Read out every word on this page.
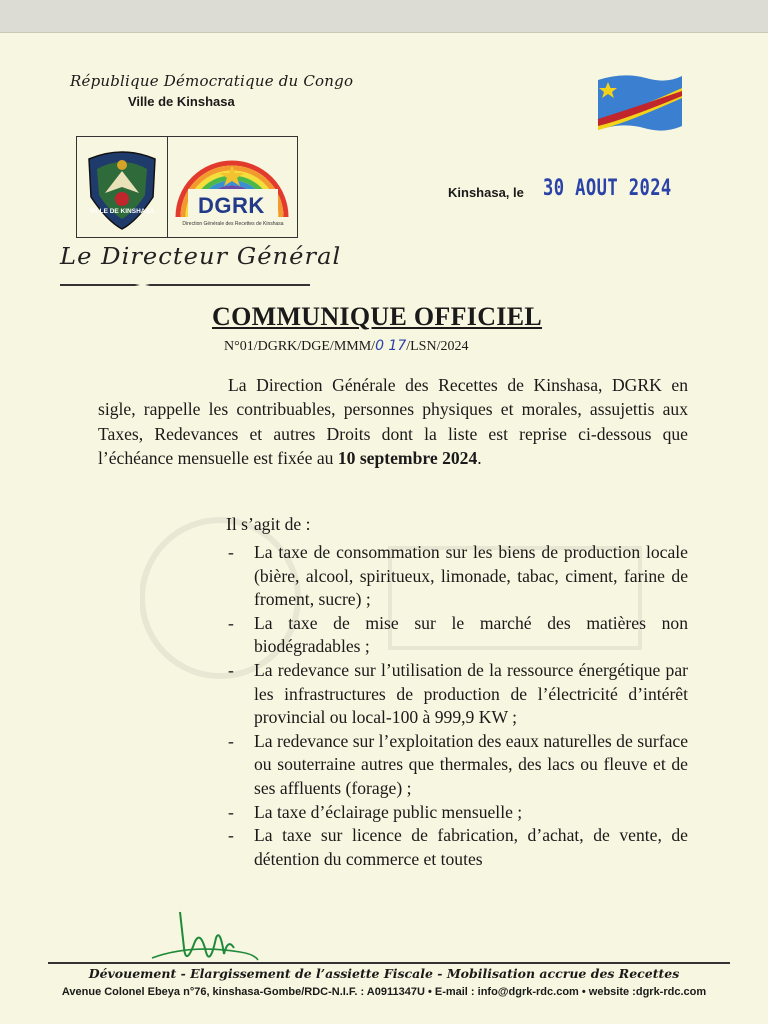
République Démocratique du Congo
Ville de Kinshasa
VILLE DE KINSHASA DGRK
Direction Générale des Recettes de Kinshasa
Kinshasa, le 30 AOUT 2024
Le Directeur Général
COMMUNIQUE OFFICIEL
N°01/DGRK/DGE/MMM/0 17/LSN/2024

La Direction Générale des Recettes de Kinshasa, DGRK en sigle, rappelle les contribuables, personnes physiques et morales, assujettis aux Taxes, Redevances et autres Droits dont la liste est reprise ci-dessous que l’échéance mensuelle est fixée au 10 septembre 2024.

Il s’agit de :
- La taxe de consommation sur les biens de production locale (bière, alcool, spiritueux, limonade, tabac, ciment, farine de froment, sucre) ;
- La taxe de mise sur le marché des matières non biodégradables ;
- La redevance sur l’utilisation de la ressource énergétique par les infrastructures de production de l’électricité d’intérêt provincial ou local-100 à 999,9 KW ;
- La redevance sur l’exploitation des eaux naturelles de surface ou souterraine autres que thermales, des lacs ou fleuve et de ses affluents (forage) ;
- La taxe d’éclairage public mensuelle ;
- La taxe sur licence de fabrication, d’achat, de vente, de détention du commerce et toutes
Dévouement - Elargissement de l’assiette Fiscale - Mobilisation accrue des Recettes
Avenue Colonel Ebeya n°76, kinshasa-Gombe/RDC-N.I.F. : A0911347U • E-mail : info@dgrk-rdc.com • website :dgrk-rdc.com
